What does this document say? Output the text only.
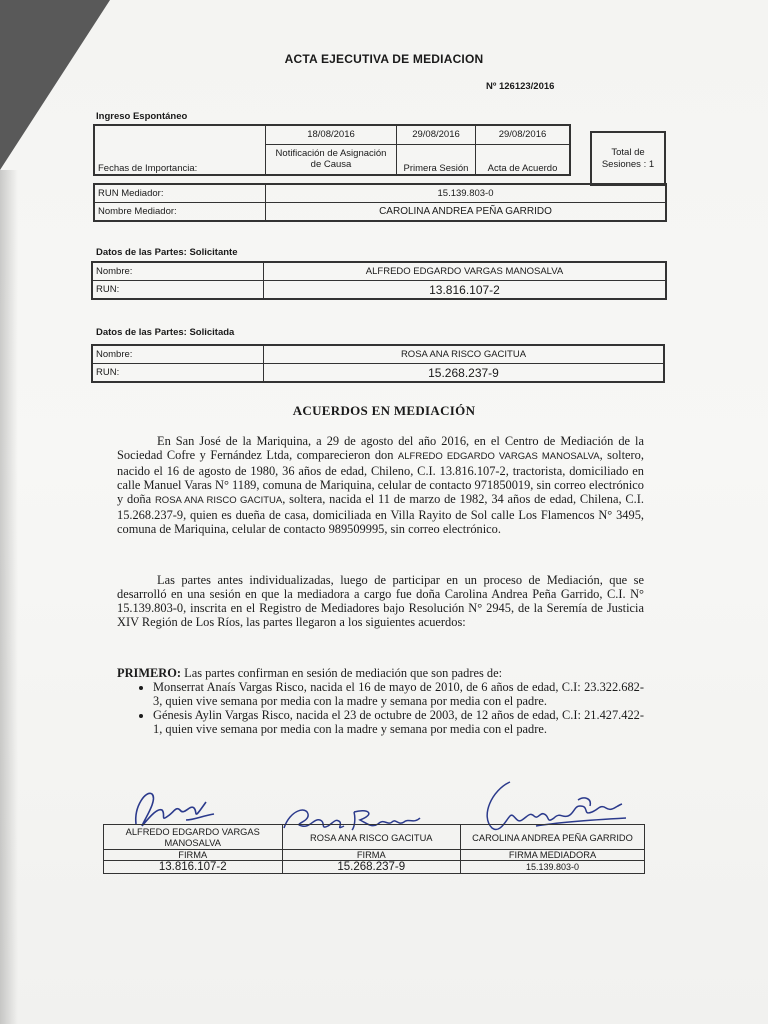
ACTA EJECUTIVA DE MEDIACION
Nº 126123/2016
Ingreso Espontáneo
Fechas de Importancia:	18/08/2016	29/08/2016	29/08/2016
	Notificación de Asignación de Causa	Primera Sesión	Acta de Acuerdo
Total de Sesiones : 1
RUN Mediador:	15.139.803-0
Nombre Mediador:	CAROLINA ANDREA PEÑA GARRIDO
Datos de las Partes: Solicitante
Nombre:	ALFREDO EDGARDO VARGAS MANOSALVA
RUN:	13.816.107-2
Datos de las Partes: Solicitada
Nombre:	ROSA ANA RISCO GACITUA
RUN:	15.268.237-9
ACUERDOS EN MEDIACIÓN
En San José de la Mariquina, a 29 de agosto del año 2016, en el Centro de Mediación de la Sociedad Cofre y Fernández Ltda, comparecieron don ALFREDO EDGARDO VARGAS MANOSALVA, soltero, nacido el 16 de agosto de 1980, 36 años de edad, Chileno, C.I. 13.816.107-2, tractorista, domiciliado en calle Manuel Varas N° 1189, comuna de Mariquina, celular de contacto 971850019, sin correo electrónico y doña ROSA ANA RISCO GACITUA, soltera, nacida el 11 de marzo de 1982, 34 años de edad, Chilena, C.I. 15.268.237-9, quien es dueña de casa, domiciliada en Villa Rayito de Sol calle Los Flamencos N° 3495, comuna de Mariquina, celular de contacto 989509995, sin correo electrónico.
Las partes antes individualizadas, luego de participar en un proceso de Mediación, que se desarrolló en una sesión en que la mediadora a cargo fue doña Carolina Andrea Peña Garrido, C.I. N° 15.139.803-0, inscrita en el Registro de Mediadores bajo Resolución N° 2945, de la Seremía de Justicia XIV Región de Los Ríos, las partes llegaron a los siguientes acuerdos:
PRIMERO: Las partes confirman en sesión de mediación que son padres de:
• Monserrat Anaís Vargas Risco, nacida el 16 de mayo de 2010, de 6 años de edad, C.I: 23.322.682-3, quien vive semana por media con la madre y semana por media con el padre.
• Génesis Aylin Vargas Risco, nacida el 23 de octubre de 2003, de 12 años de edad, C.I: 21.427.422-1, quien vive semana por media con la madre y semana por media con el padre.
ALFREDO EDGARDO VARGAS MANOSALVA	ROSA ANA RISCO GACITUA	CAROLINA ANDREA PEÑA GARRIDO
FIRMA	FIRMA	FIRMA MEDIADORA
13.816.107-2	15.268.237-9	15.139.803-0
